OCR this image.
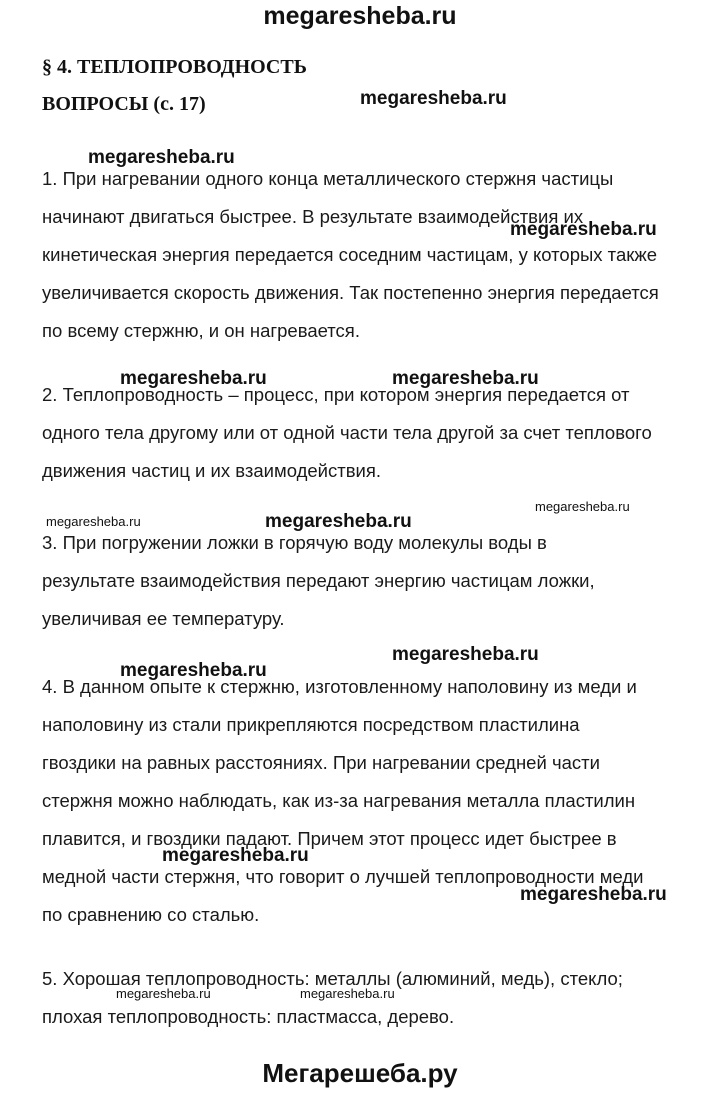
megaresheba.ru
§ 4. ТЕПЛОПРОВОДНОСТЬ
ВОПРОСЫ (с. 17)
1. При нагревании одного конца металлического стержня частицы
начинают двигаться быстрее. В результате взаимодействия их
кинетическая энергия передается соседним частицам, у которых также
увеличивается скорость движения. Так постепенно энергия передается
по всему стержню, и он нагревается.
2. Теплопроводность – процесс, при котором энергия передается от
одного тела другому или от одной части тела другой за счет теплового
движения частиц и их взаимодействия.
3. При погружении ложки в горячую воду молекулы воды в
результате взаимодействия передают энергию частицам ложки,
увеличивая ее температуру.
4. В данном опыте к стержню, изготовленному наполовину из меди и
наполовину из стали прикрепляются посредством пластилина
гвоздики на равных расстояниях. При нагревании средней части
стержня можно наблюдать, как из-за нагревания металла пластилин
плавится, и гвоздики падают. Причем этот процесс идет быстрее в
медной части стержня, что говорит о лучшей теплопроводности меди
по сравнению со сталью.
5. Хорошая теплопроводность: металлы (алюминий, медь), стекло;
плохая теплопроводность: пластмасса, дерево.
megaresheba.ru
megaresheba.ru
megaresheba.ru
megaresheba.ru	megaresheba.ru
megaresheba.ru
megaresheba.ru	megaresheba.ru
megaresheba.ru
megaresheba.ru
megaresheba.ru
megaresheba.ru
megaresheba.ru	megaresheba.ru
Мегарешеба.ру
